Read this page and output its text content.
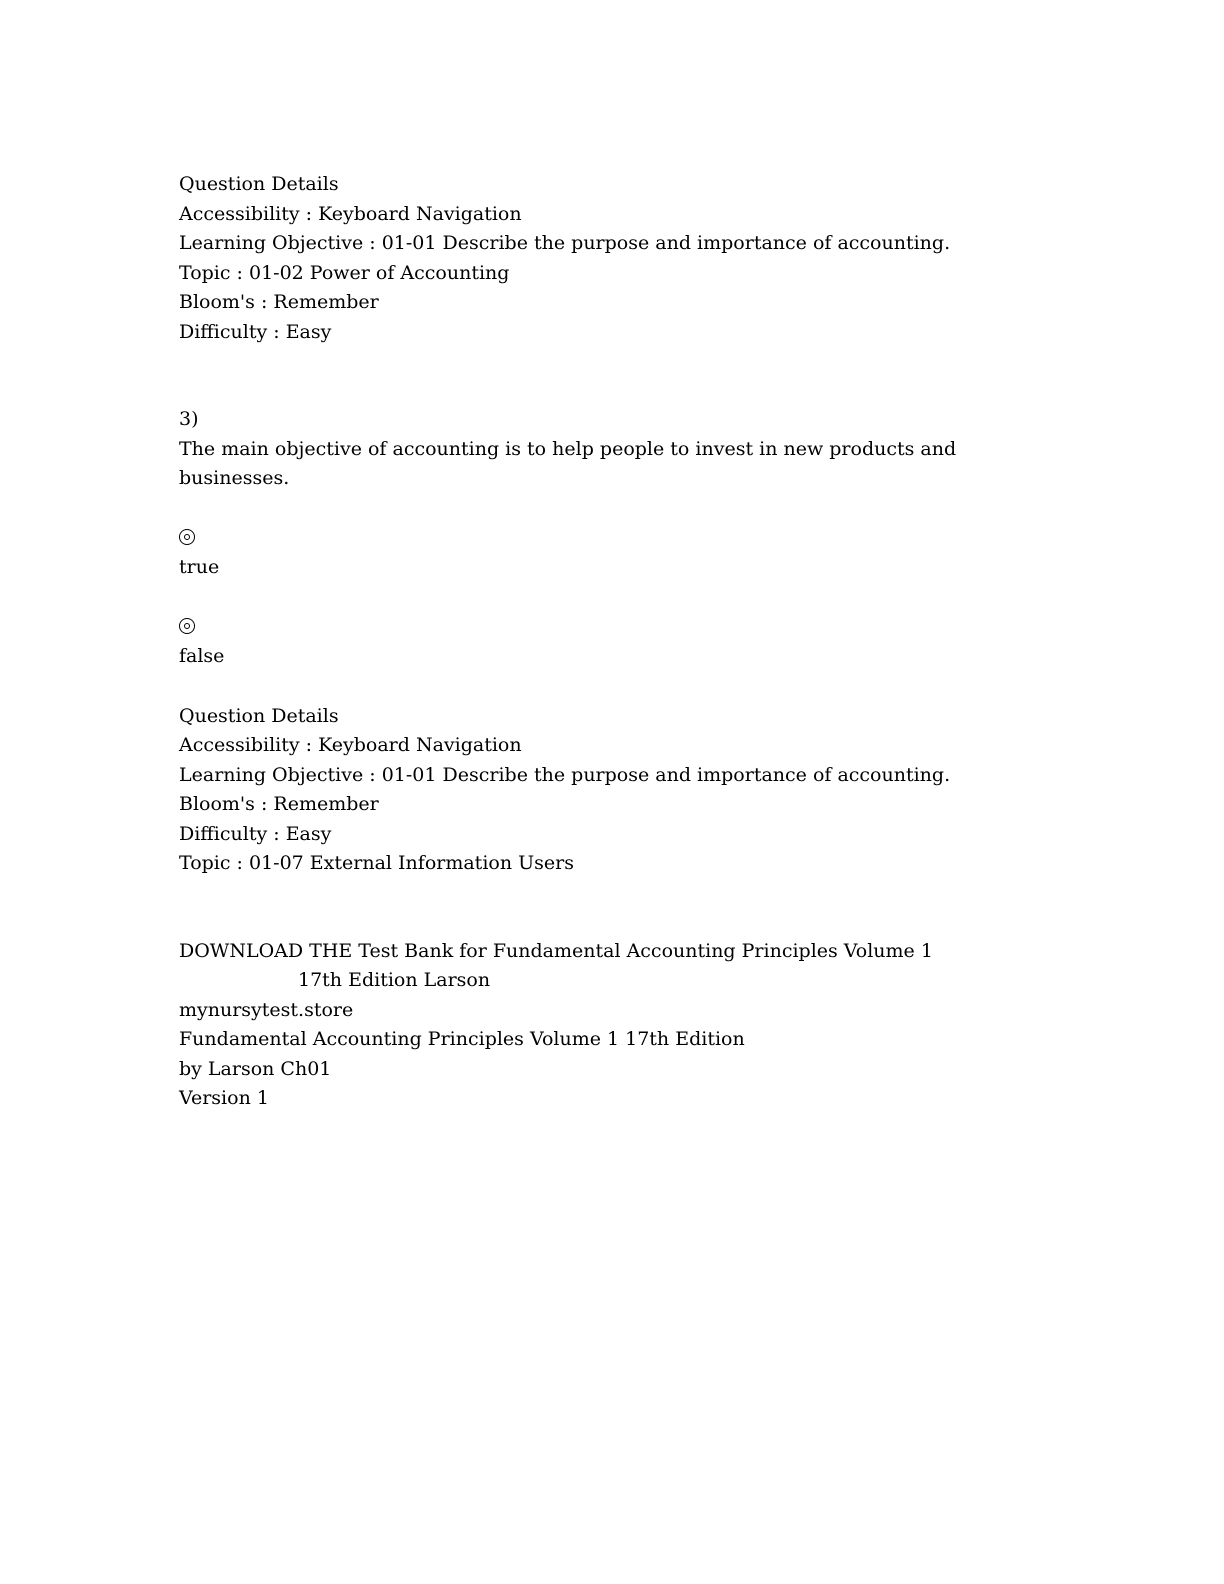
Question Details
Accessibility : Keyboard Navigation
Learning Objective : 01-01 Describe the purpose and importance of accounting.
Topic : 01-02 Power of Accounting
Bloom's : Remember
Difficulty : Easy
3)
The main objective of accounting is to help people to invest in new products and businesses.
true
false
Question Details
Accessibility : Keyboard Navigation
Learning Objective : 01-01 Describe the purpose and importance of accounting.
Bloom's : Remember
Difficulty : Easy
Topic : 01-07 External Information Users
DOWNLOAD THE Test Bank for Fundamental Accounting Principles Volume 1
17th Edition Larson
mynursytest.store
Fundamental Accounting Principles Volume 1 17th Edition
by Larson Ch01
Version 1
